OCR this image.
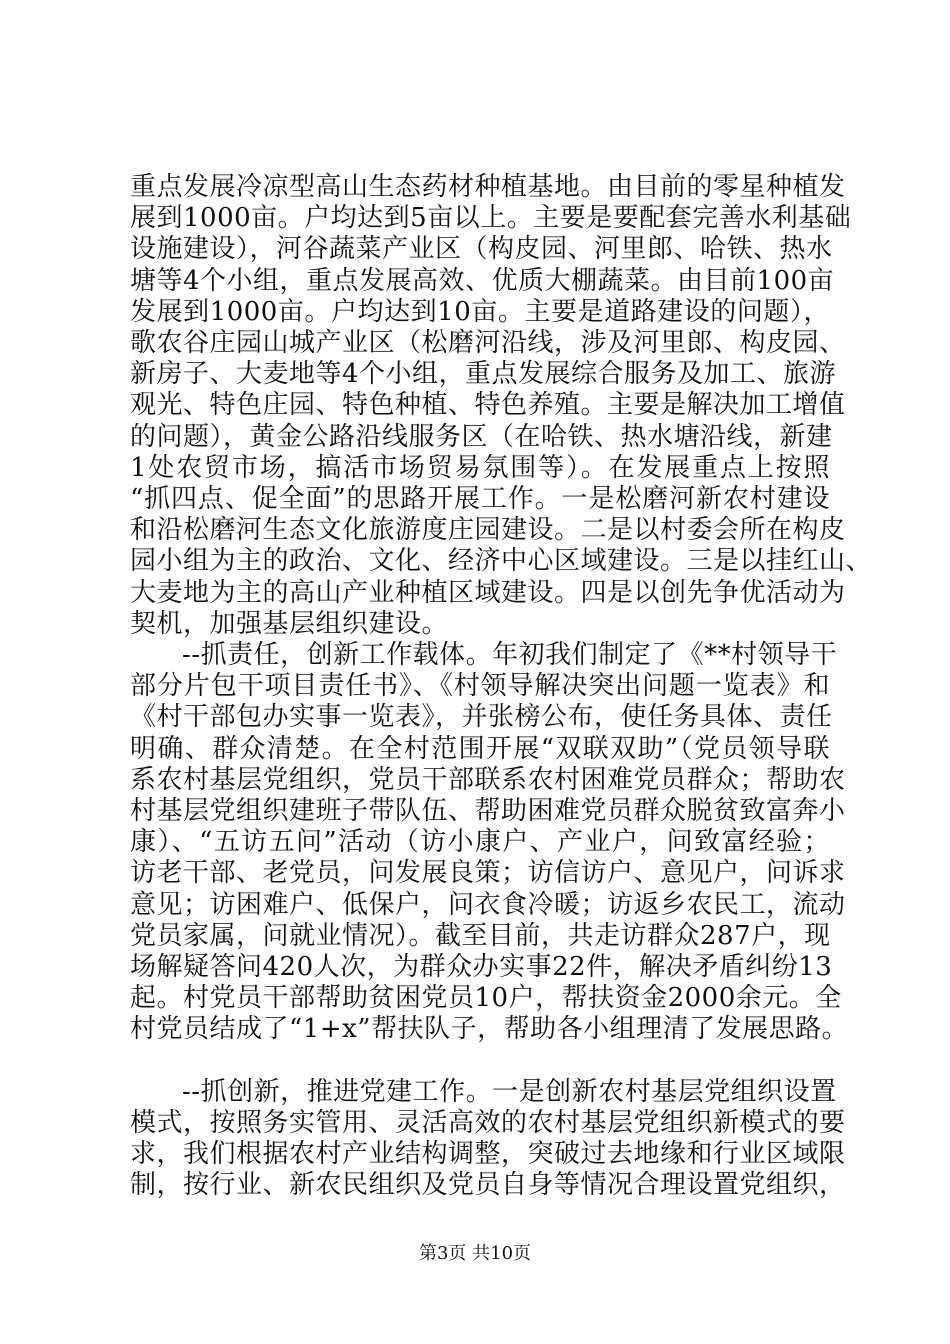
重点发展冷凉型高山生态药材种植基地。由目前的零星种植发
展到1000亩。户均达到5亩以上。主要是要配套完善水利基础
设施建设），河谷蔬菜产业区（构皮园、河里郎、哈铁、热水
塘等4个小组，重点发展高效、优质大棚蔬菜。由目前100亩
发展到1000亩。户均达到10亩。主要是道路建设的问题），
歌农谷庄园山城产业区（松磨河沿线，涉及河里郎、构皮园、
新房子、大麦地等4个小组，重点发展综合服务及加工、旅游
观光、特色庄园、特色种植、特色养殖。主要是解决加工增值
的问题），黄金公路沿线服务区（在哈铁、热水塘沿线，新建
1处农贸市场，搞活市场贸易氛围等）。在发展重点上按照
“抓四点、促全面”的思路开展工作。一是松磨河新农村建设
和沿松磨河生态文化旅游度庄园建设。二是以村委会所在构皮
园小组为主的政治、文化、经济中心区域建设。三是以挂红山、
大麦地为主的高山产业种植区域建设。四是以创先争优活动为
契机，加强基层组织建设。
--抓责任，创新工作载体。年初我们制定了《**村领导干
部分片包干项目责任书》、《村领导解决突出问题一览表》和
《村干部包办实事一览表》，并张榜公布，使任务具体、责任
明确、群众清楚。在全村范围开展“双联双助”（党员领导联
系农村基层党组织，党员干部联系农村困难党员群众；帮助农
村基层党组织建班子带队伍、帮助困难党员群众脱贫致富奔小
康）、“五访五问”活动（访小康户、产业户，问致富经验；
访老干部、老党员，问发展良策；访信访户、意见户，问诉求
意见；访困难户、低保户，问衣食冷暖；访返乡农民工，流动
党员家属，问就业情况）。截至目前，共走访群众287户，现
场解疑答问420人次，为群众办实事22件，解决矛盾纠纷13
起。村党员干部帮助贫困党员10户，帮扶资金2000余元。全
村党员结成了“1+x”帮扶队子，帮助各小组理清了发展思路。
--抓创新，推进党建工作。一是创新农村基层党组织设置
模式，按照务实管用、灵活高效的农村基层党组织新模式的要
求，我们根据农村产业结构调整，突破过去地缘和行业区域限
制，按行业、新农民组织及党员自身等情况合理设置党组织，
第3页 共10页
